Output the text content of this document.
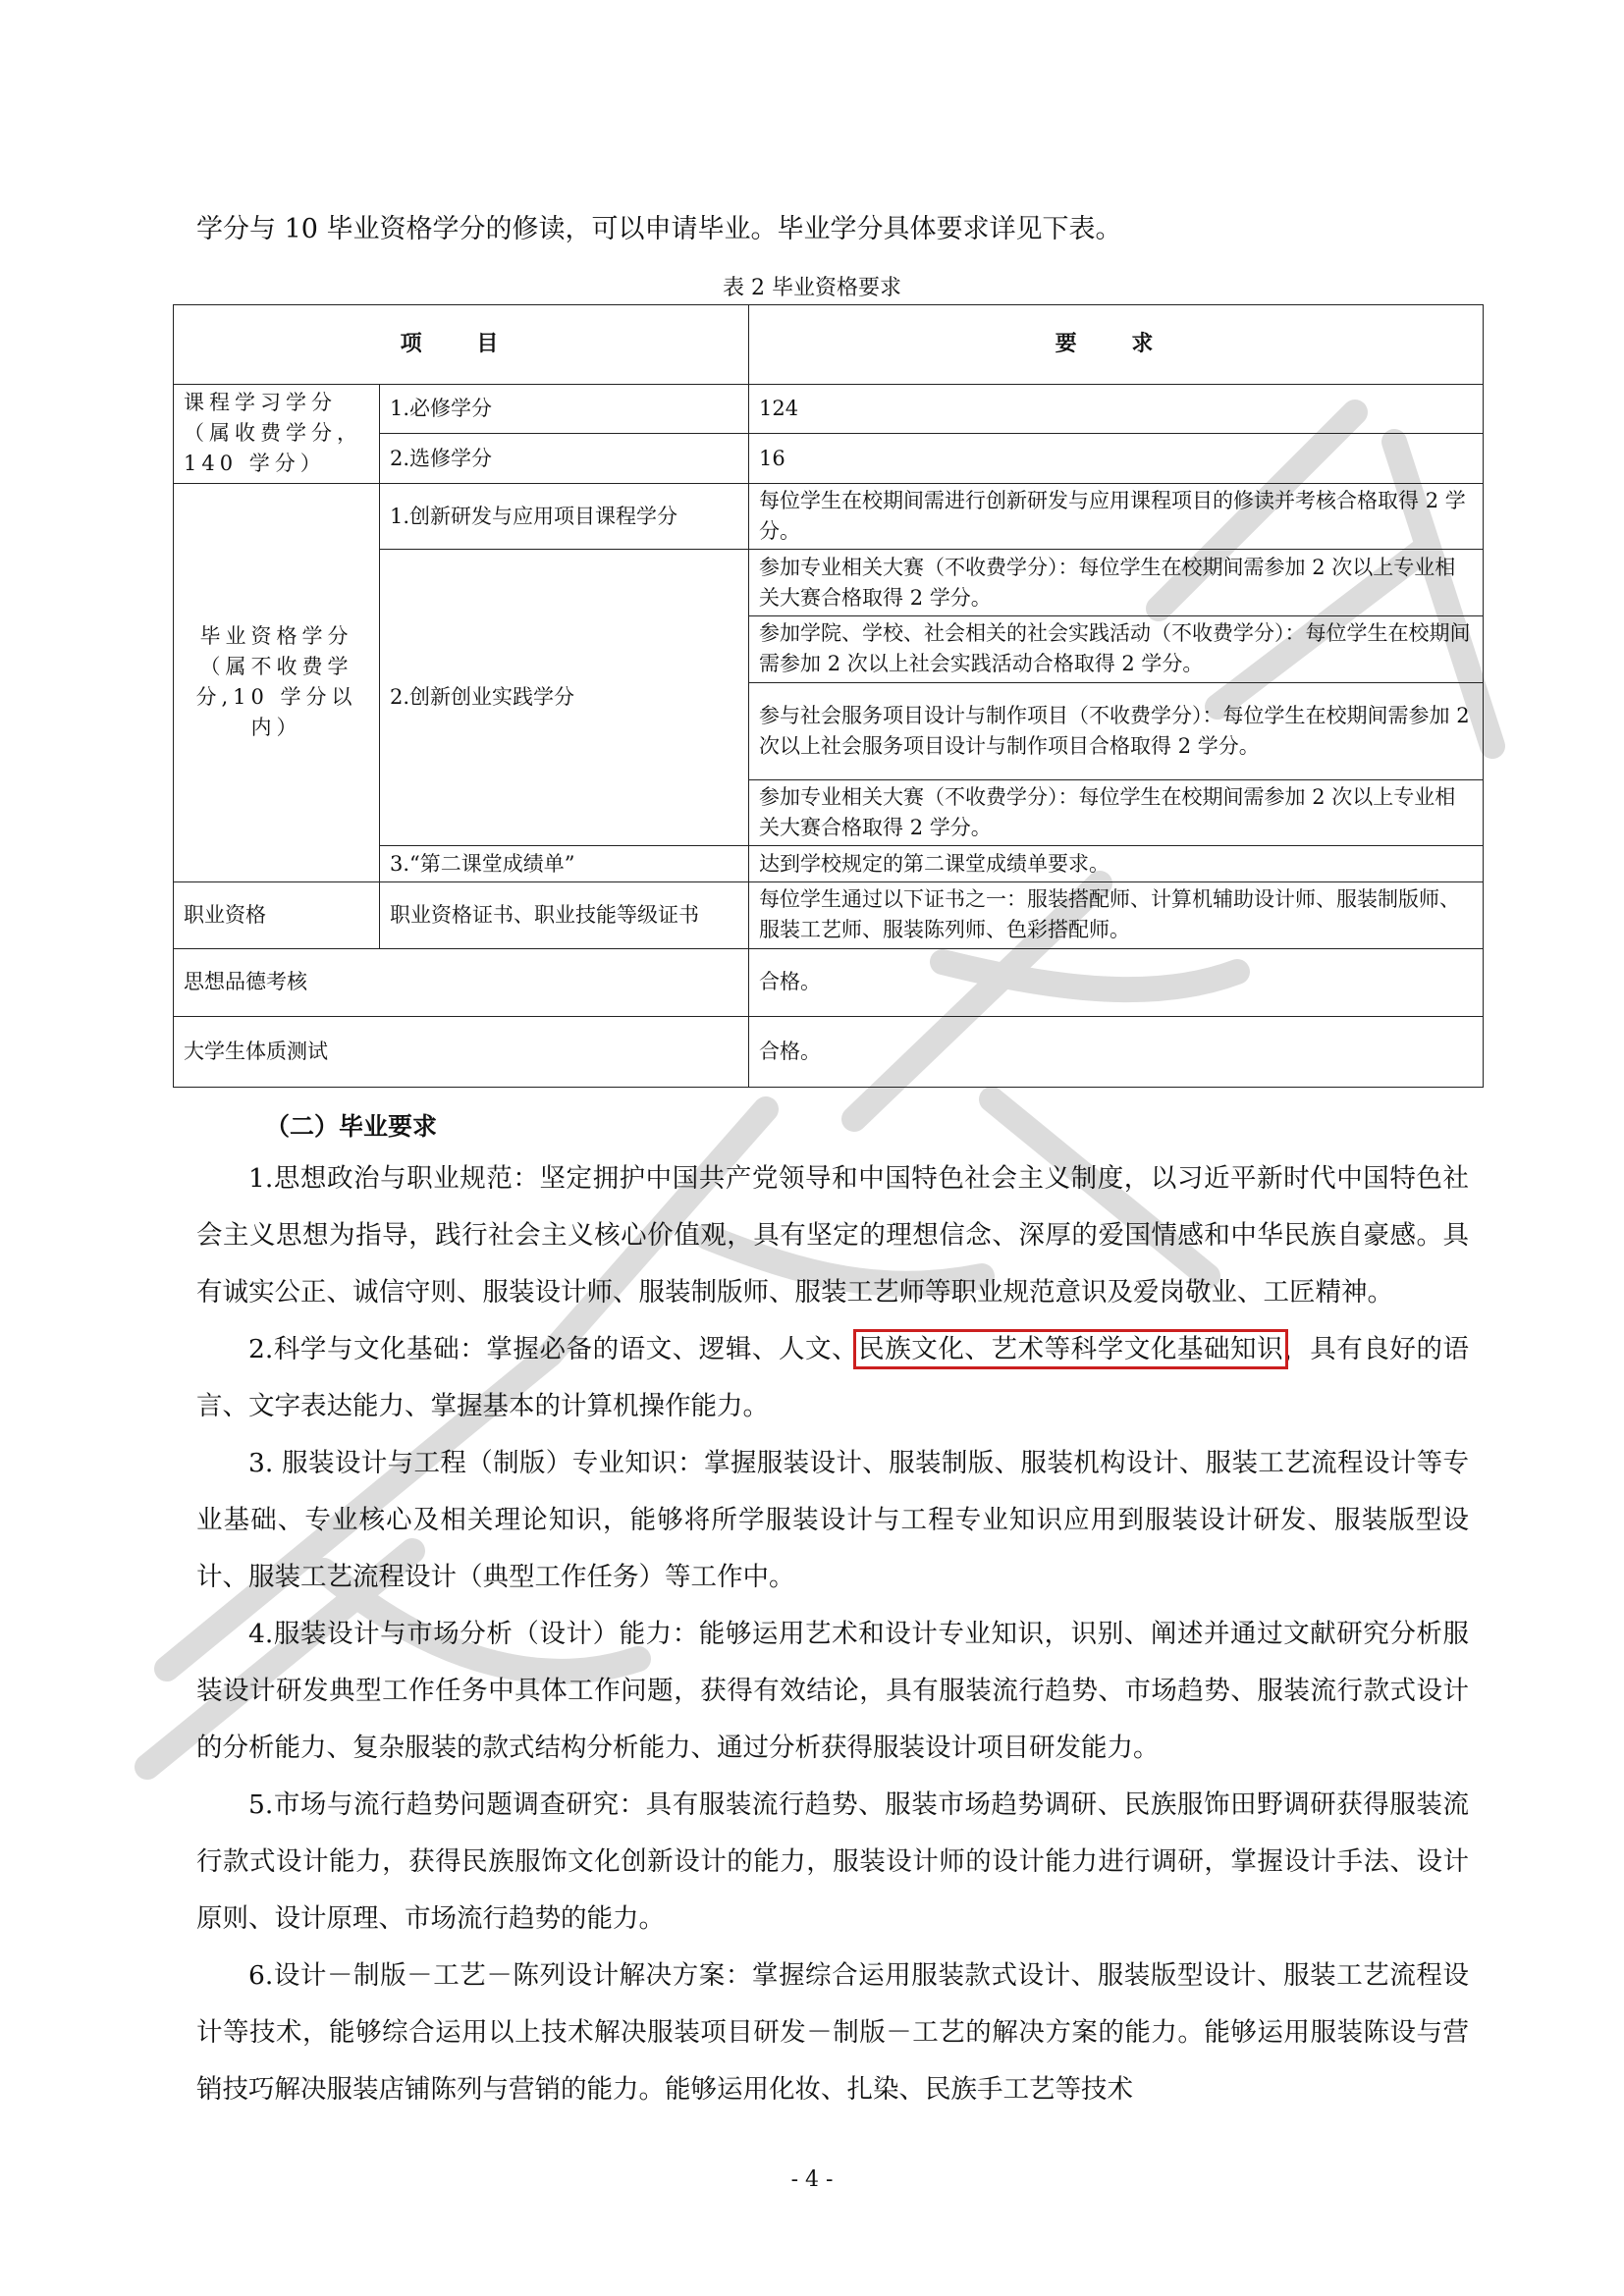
学分与 10 毕业资格学分的修读，可以申请毕业。毕业学分具体要求详见下表。
表 2 毕业资格要求
项 目		要 求
课程学习学分（属收费学分，140 学分）	1.必修学分	124
	2.选修学分	16
毕业资格学分（属不收费学分,10 学分以内）	1.创新研发与应用项目课程学分	每位学生在校期间需进行创新研发与应用课程项目的修读并考核合格取得 2 学分。
	2.创新创业实践学分	参加专业相关大赛（不收费学分）：每位学生在校期间需参加 2 次以上专业相关大赛合格取得 2 学分。
		参加学院、学校、社会相关的社会实践活动（不收费学分）：每位学生在校期间需参加 2 次以上社会实践活动合格取得 2 学分。
		参与社会服务项目设计与制作项目（不收费学分）：每位学生在校期间需参加 2 次以上社会服务项目设计与制作项目合格取得 2 学分。
		参加专业相关大赛（不收费学分）：每位学生在校期间需参加 2 次以上专业相关大赛合格取得 2 学分。
	3.“第二课堂成绩单”	达到学校规定的第二课堂成绩单要求。
职业资格	职业资格证书、职业技能等级证书	每位学生通过以下证书之一：服装搭配师、计算机辅助设计师、服装制版师、服装工艺师、服装陈列师、色彩搭配师。
思想品德考核		合格。
大学生体质测试		合格。
（二）毕业要求

1.思想政治与职业规范：坚定拥护中国共产党领导和中国特色社会主义制度，以习近平新时代中国特色社会主义思想为指导，践行社会主义核心价值观，具有坚定的理想信念、深厚的爱国情感和中华民族自豪感。具有诚实公正、诚信守则、服装设计师、服装制版师、服装工艺师等职业规范意识及爱岗敬业、工匠精神。

2.科学与文化基础：掌握必备的语文、逻辑、人文、民族文化、艺术等科学文化基础知识，具有良好的语言、文字表达能力、掌握基本的计算机操作能力。

3. 服装设计与工程（制版）专业知识：掌握服装设计、服装制版、服装机构设计、服装工艺流程设计等专业基础、专业核心及相关理论知识，能够将所学服装设计与工程专业知识应用到服装设计研发、服装版型设计、服装工艺流程设计（典型工作任务）等工作中。

4.服装设计与市场分析（设计）能力：能够运用艺术和设计专业知识，识别、阐述并通过文献研究分析服装设计研发典型工作任务中具体工作问题，获得有效结论，具有服装流行趋势、市场趋势、服装流行款式设计的分析能力、复杂服装的款式结构分析能力、通过分析获得服装设计项目研发能力。

5.市场与流行趋势问题调查研究：具有服装流行趋势、服装市场趋势调研、民族服饰田野调研获得服装流行款式设计能力，获得民族服饰文化创新设计的能力，服装设计师的设计能力进行调研，掌握设计手法、设计原则、设计原理、市场流行趋势的能力。

6.设计－制版－工艺－陈列设计解决方案：掌握综合运用服装款式设计、服装版型设计、服装工艺流程设计等技术，能够综合运用以上技术解决服装项目研发－制版－工艺的解决方案的能力。能够运用服装陈设与营销技巧解决服装店铺陈列与营销的能力。能够运用化妆、扎染、民族手工艺等技术

- 4 -
